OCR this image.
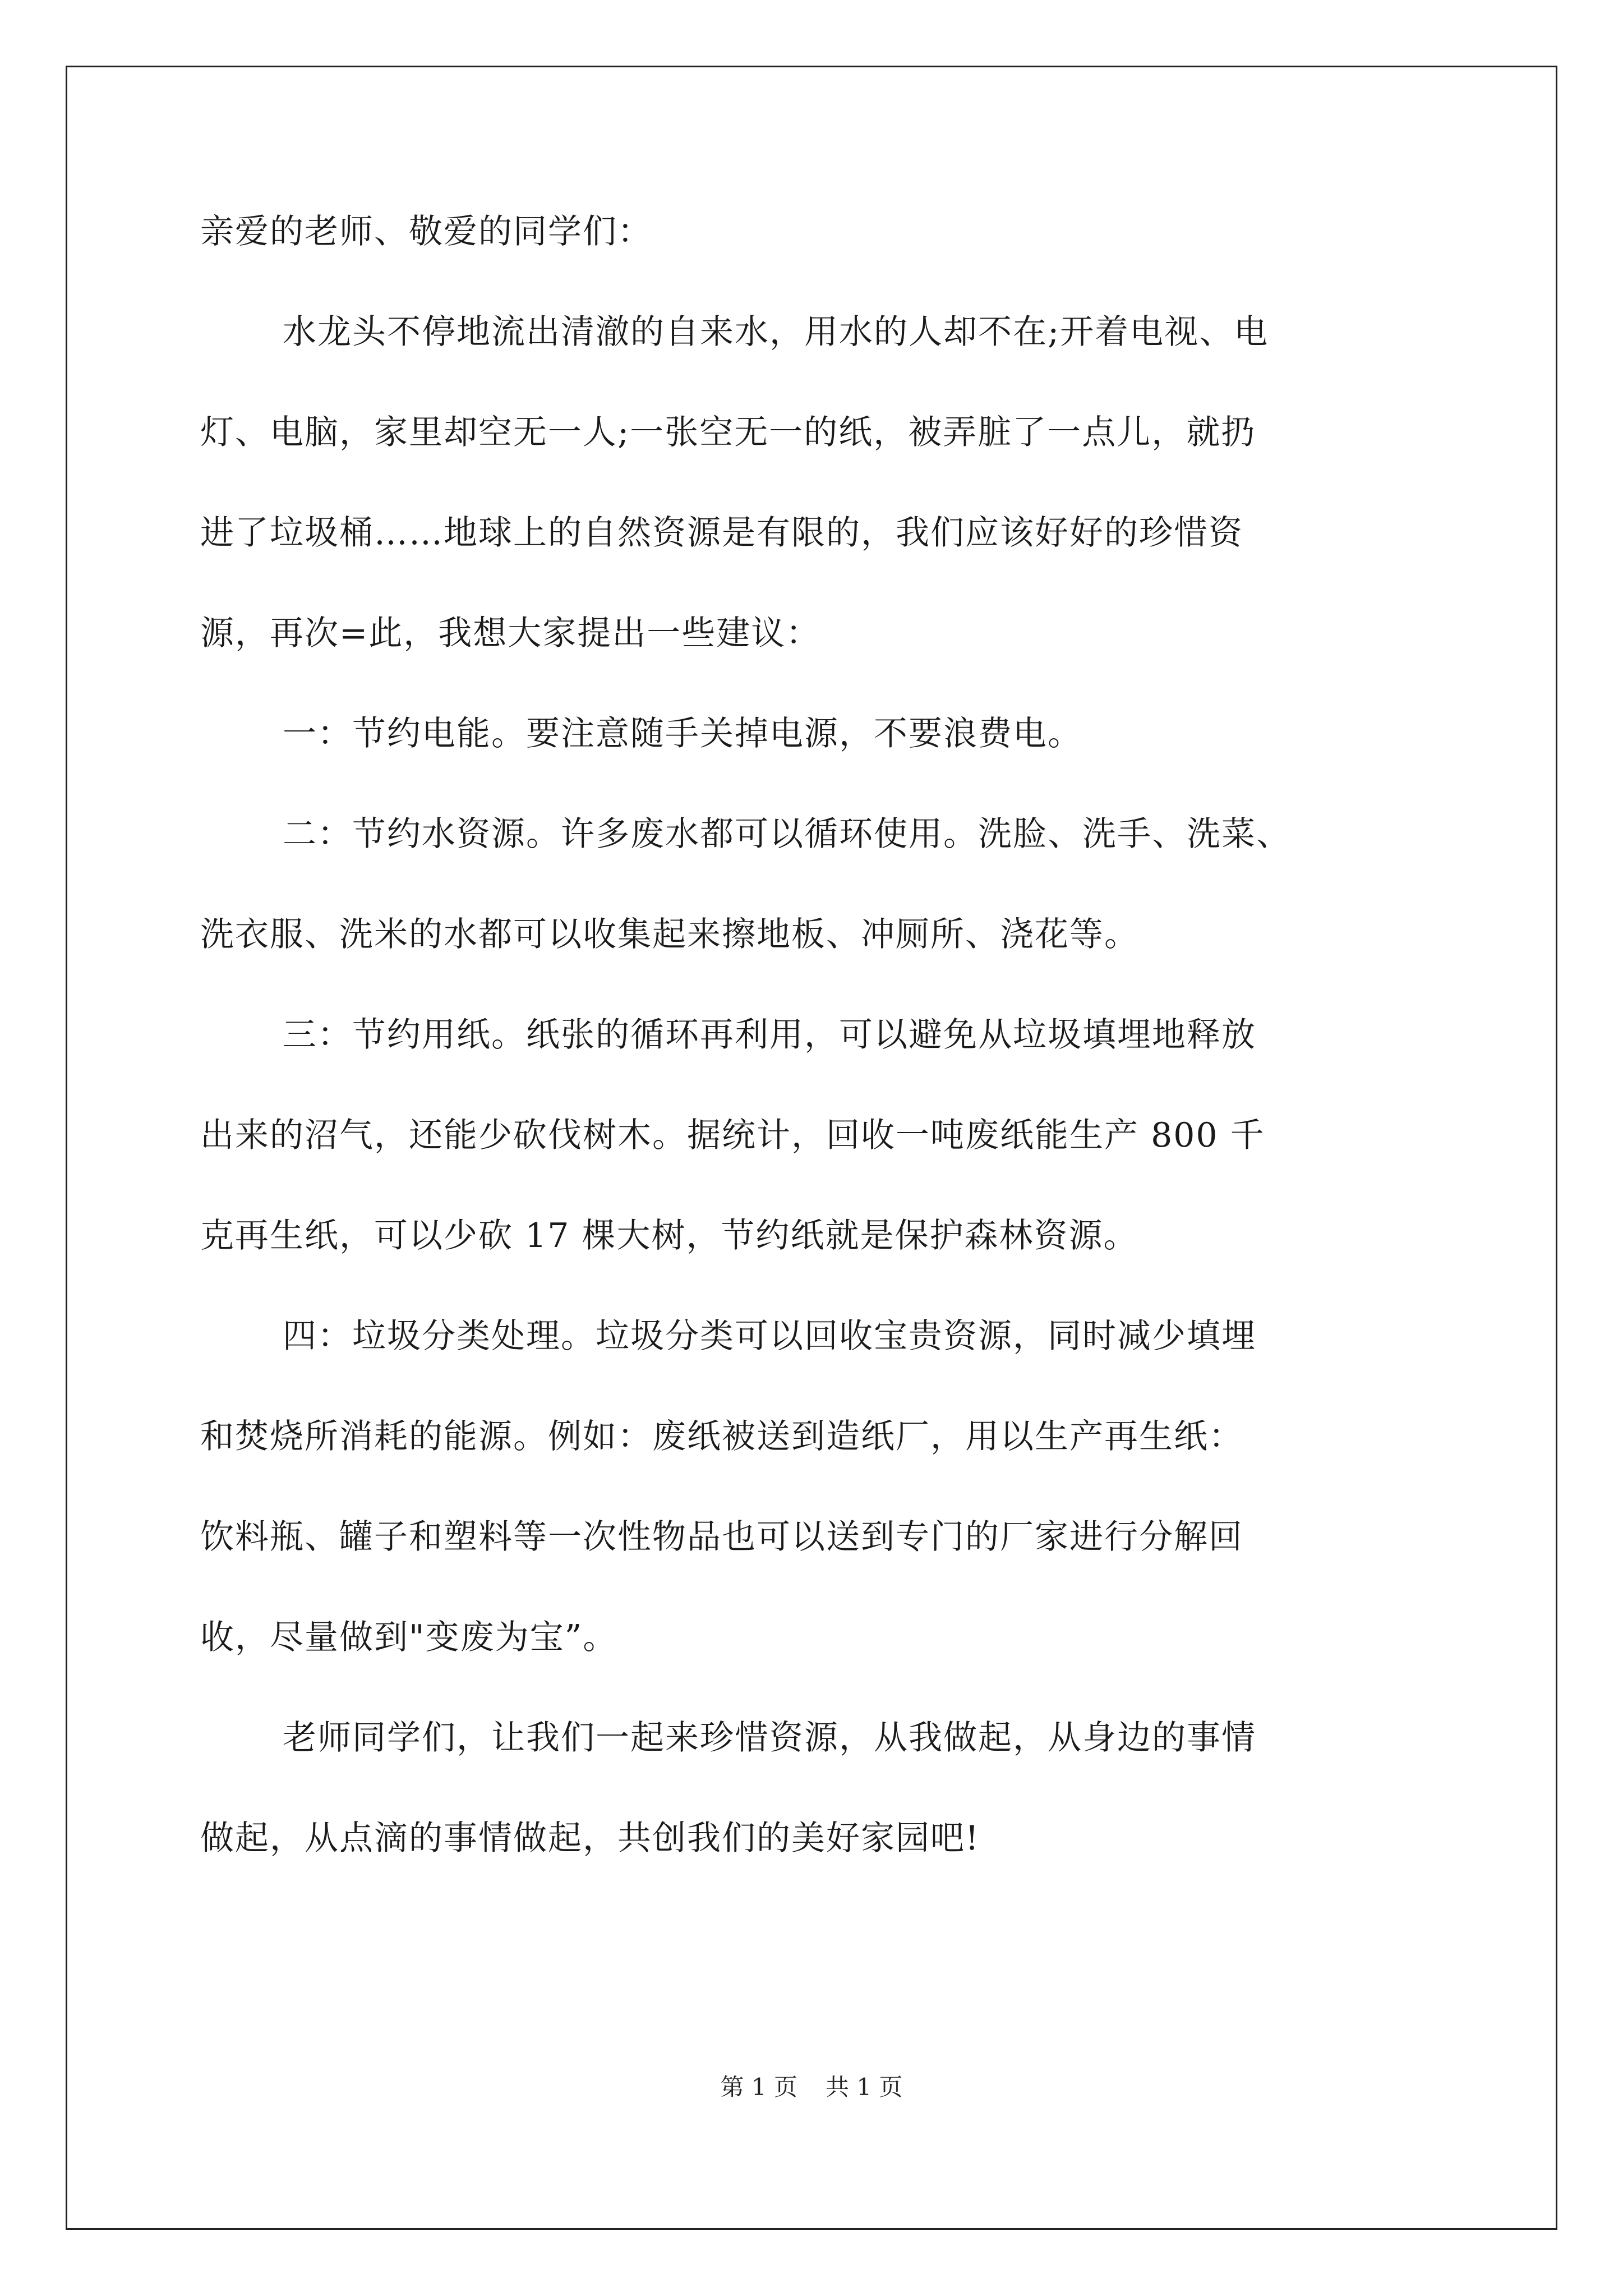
亲爱的老师、敬爱的同学们：
水龙头不停地流出清澈的自来水，用水的人却不在;开着电视、电
灯、电脑，家里却空无一人;一张空无一的纸，被弄脏了一点儿，就扔
进了垃圾桶……地球上的自然资源是有限的，我们应该好好的珍惜资
源，再次=此，我想大家提出一些建议：
一：节约电能。要注意随手关掉电源，不要浪费电。
二：节约水资源。许多废水都可以循环使用。洗脸、洗手、洗菜、
洗衣服、洗米的水都可以收集起来擦地板、冲厕所、浇花等。
三：节约用纸。纸张的循环再利用，可以避免从垃圾填埋地释放
出来的沼气，还能少砍伐树木。据统计，回收一吨废纸能生产 800 千
克再生纸，可以少砍 17 棵大树，节约纸就是保护森林资源。
四：垃圾分类处理。垃圾分类可以回收宝贵资源，同时减少填埋
和焚烧所消耗的能源。例如：废纸被送到造纸厂，用以生产再生纸：
饮料瓶、罐子和塑料等一次性物品也可以送到专门的厂家进行分解回
收，尽量做到"变废为宝”。
老师同学们，让我们一起来珍惜资源，从我做起，从身边的事情
做起，从点滴的事情做起，共创我们的美好家园吧!
第 1 页 共 1 页
